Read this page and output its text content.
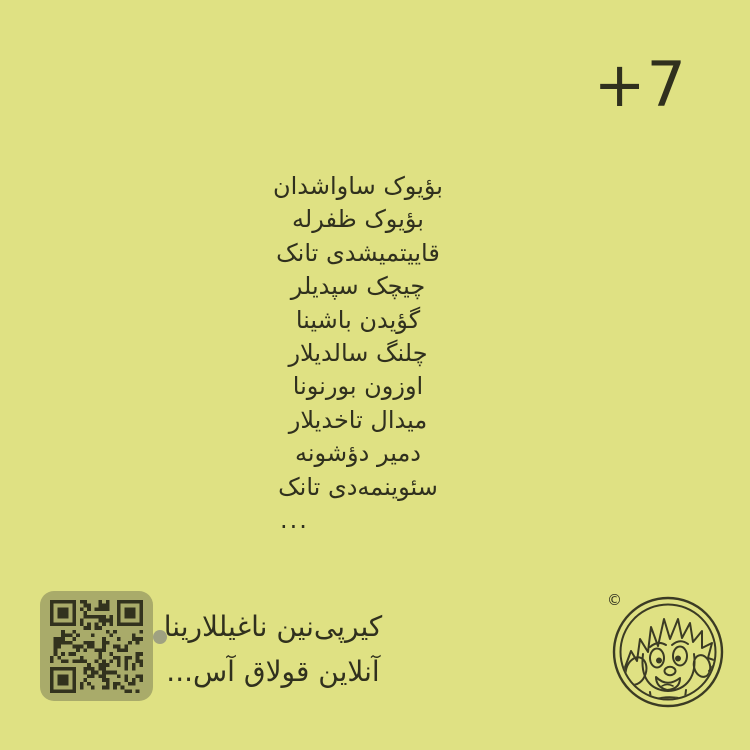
+7
بؤیوک ساواشدان
بؤیوک ظفرله
قاییتمیشدی تانک
چیچک سپدیلر
گؤیدن باشینا
چلنگ سالدیلار
اوزون بورنونا
میدال تاخدیلار
دمیر دؤشونه
سئوینمه‌دی تانک
...
کیرپی‌نین ناغیللارینا
آنلاین قولاق آس...
©
